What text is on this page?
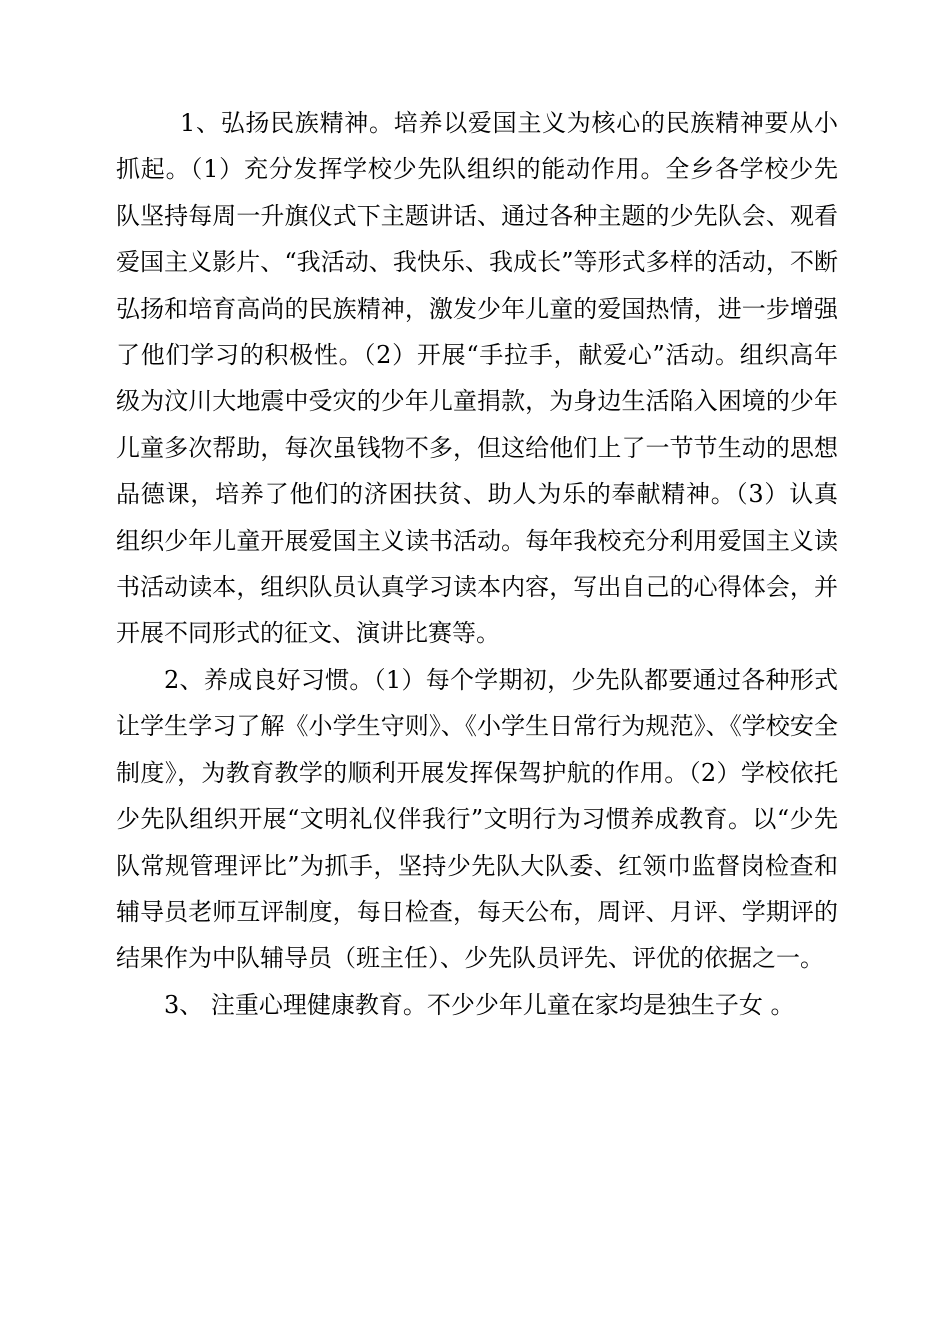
1、弘扬民族精神。培养以爱国主义为核心的民族精神要从小抓起。（1）充分发挥学校少先队组织的能动作用。全乡各学校少先队坚持每周一升旗仪式下主题讲话、通过各种主题的少先队会、观看爱国主义影片、“我活动、我快乐、我成长”等形式多样的活动，不断弘扬和培育高尚的民族精神，激发少年儿童的爱国热情，进一步增强了他们学习的积极性。（2）开展“手拉手，献爱心”活动。组织高年级为汶川大地震中受灾的少年儿童捐款，为身边生活陷入困境的少年儿童多次帮助，每次虽钱物不多，但这给他们上了一节节生动的思想品德课，培养了他们的济困扶贫、助人为乐的奉献精神。（3）认真组织少年儿童开展爱国主义读书活动。每年我校充分利用爱国主义读书活动读本，组织队员认真学习读本内容，写出自己的心得体会，并开展不同形式的征文、演讲比赛等。

2、养成良好习惯。（1）每个学期初，少先队都要通过各种形式让学生学习了解《小学生守则》、《小学生日常行为规范》、《学校安全制度》，为教育教学的顺利开展发挥保驾护航的作用。（2）学校依托少先队组织开展“文明礼仪伴我行”文明行为习惯养成教育。以“少先队常规管理评比”为抓手，坚持少先队大队委、红领巾监督岗检查和辅导员老师互评制度，每日检查，每天公布，周评、月评、学期评的结果作为中队辅导员（班主任）、少先队员评先、评优的依据之一。

3、 注重心理健康教育。不少少年儿童在家均是独生子女 。
